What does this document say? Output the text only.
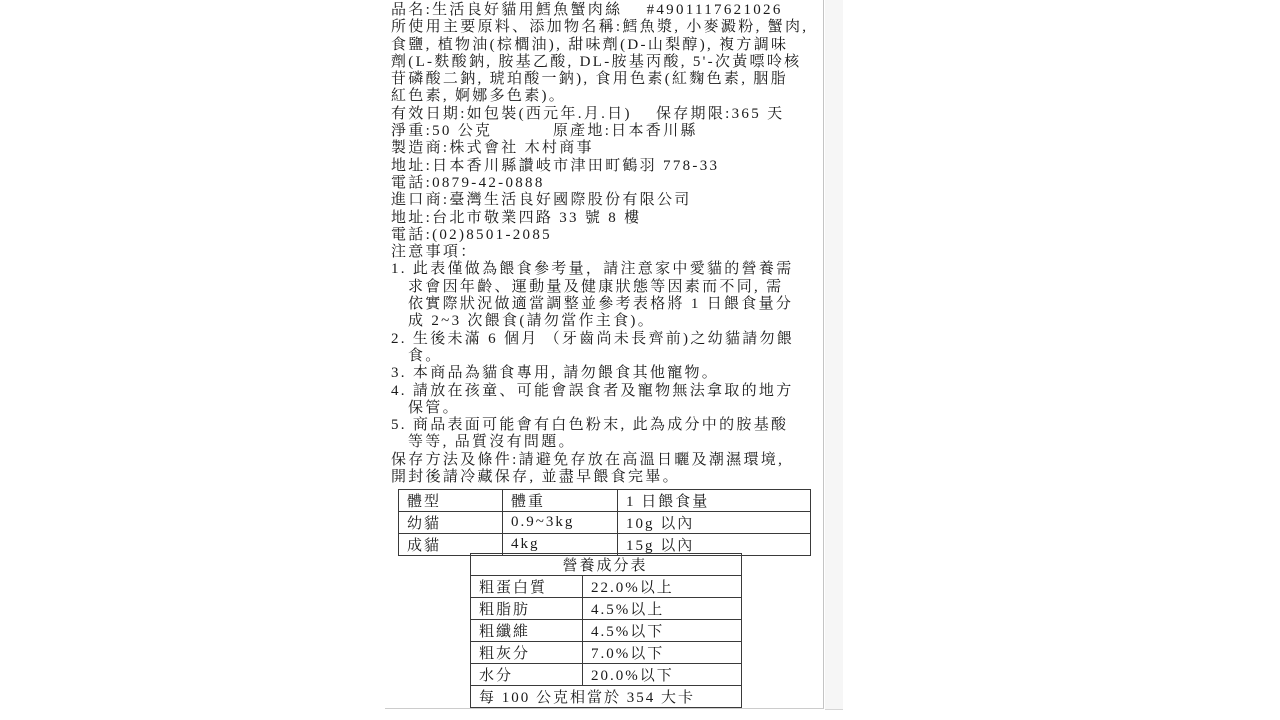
品名:生活良好貓用鱈魚蟹肉絲    #4901117621026
所使用主要原料、添加物名稱:鱈魚漿, 小麥澱粉, 蟹肉,
食鹽, 植物油(棕櫚油), 甜味劑(D-山梨醇), 複方調味
劑(L-麩酸鈉, 胺基乙酸, DL-胺基丙酸, 5'-次黃嘌呤核
苷磷酸二鈉, 琥珀酸一鈉), 食用色素(紅麴色素, 胭脂
紅色素, 婀娜多色素)。
有效日期:如包裝(西元年.月.日)    保存期限:365 天
淨重:50 公克          原產地:日本香川縣
製造商:株式會社 木村商事
地址:日本香川縣讚岐市津田町鶴羽 778-33
電話:0879-42-0888
進口商:臺灣生活良好國際股份有限公司
地址:台北市敬業四路 33 號 8 樓
電話:(02)8501-2085
注意事項：
1. 此表僅做為餵食參考量，請注意家中愛貓的營養需
求會因年齡、運動量及健康狀態等因素而不同, 需
依實際狀況做適當調整並參考表格將 1 日餵食量分
成 2~3 次餵食(請勿當作主食)。
2. 生後未滿 6 個月 （牙齒尚未長齊前)之幼貓請勿餵
食。
3. 本商品為貓食專用, 請勿餵食其他寵物。
4. 請放在孩童、可能會誤食者及寵物無法拿取的地方
保管。
5. 商品表面可能會有白色粉末, 此為成分中的胺基酸
等等, 品質沒有問題。
保存方法及條件:請避免存放在高溫日曬及潮濕環境,
開封後請冷藏保存, 並盡早餵食完畢。
體型	體重	1 日餵食量
幼貓	0.9~3kg	10g 以內
成貓	4kg	15g 以內
營養成分表	
粗蛋白質	22.0%以上
粗脂肪	4.5%以上
粗纖維	4.5%以下
粗灰分	7.0%以下
水分	20.0%以下
每 100 公克相當於 354 大卡	
